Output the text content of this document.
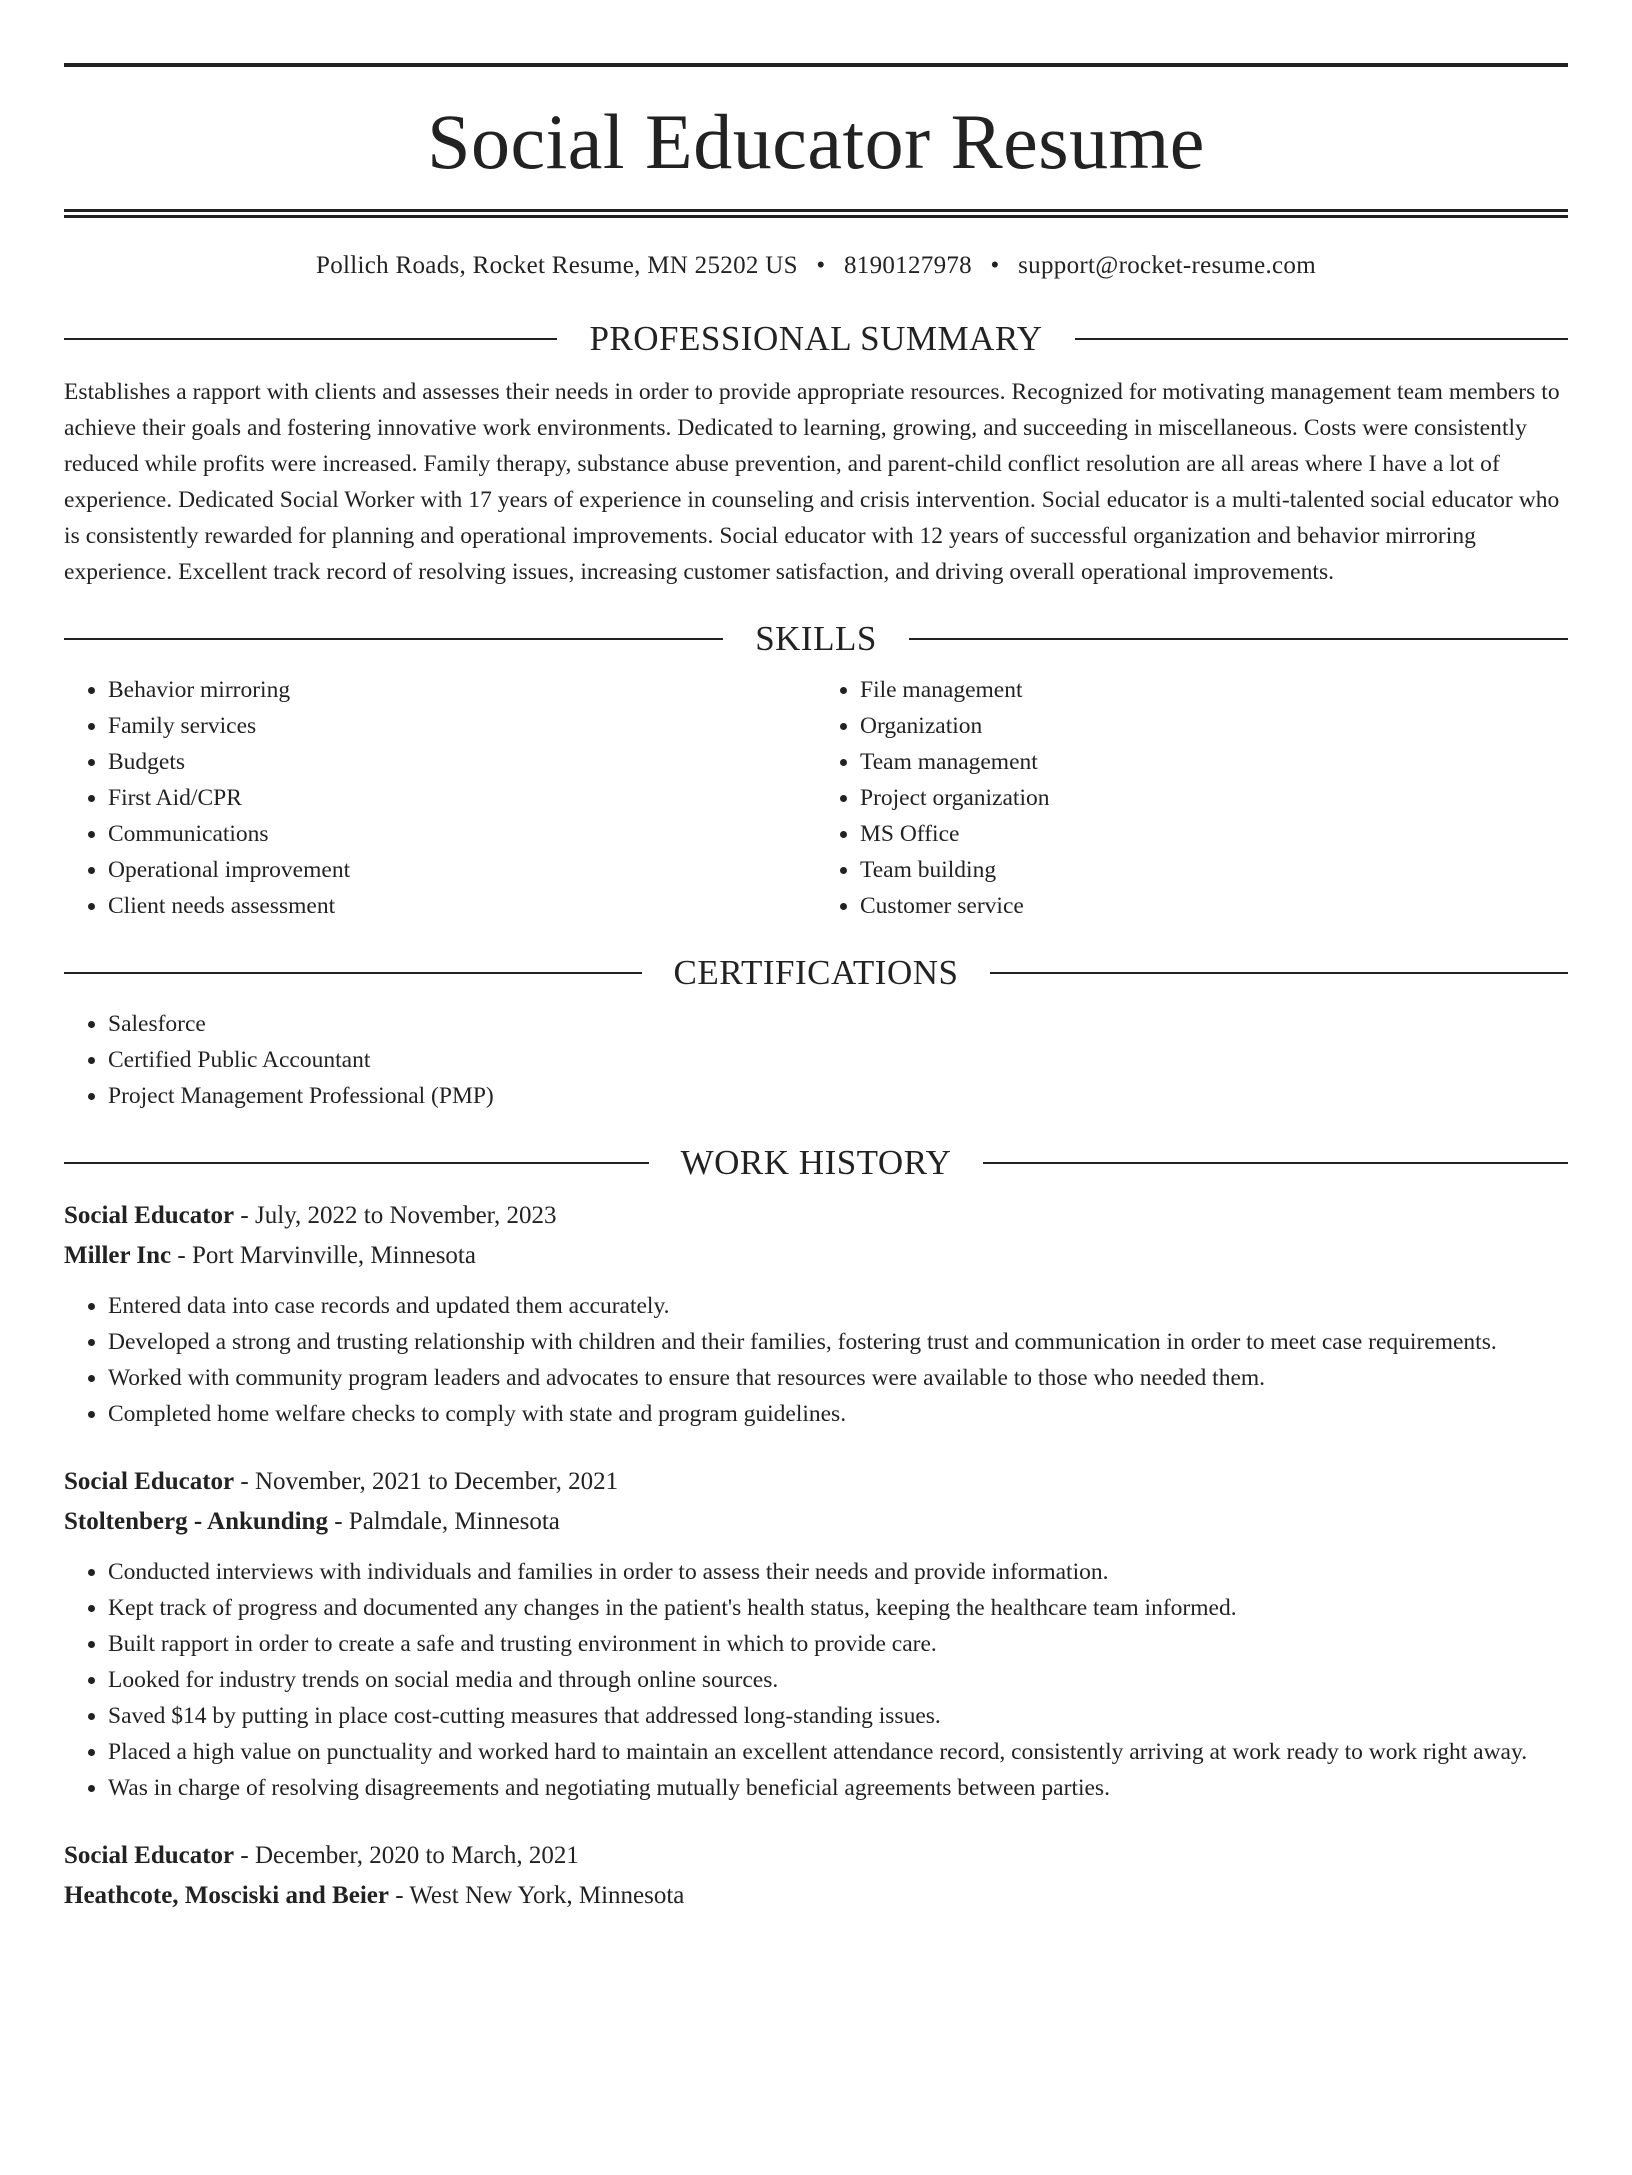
Social Educator Resume
Pollich Roads, Rocket Resume, MN 25202 US • 8190127978 • support@rocket-resume.com
PROFESSIONAL SUMMARY

Establishes a rapport with clients and assesses their needs in order to provide appropriate resources. Recognized for motivating management team members to achieve their goals and fostering innovative work environments. Dedicated to learning, growing, and succeeding in miscellaneous. Costs were consistently reduced while profits were increased. Family therapy, substance abuse prevention, and parent-child conflict resolution are all areas where I have a lot of experience. Dedicated Social Worker with 17 years of experience in counseling and crisis intervention. Social educator is a multi-talented social educator who is consistently rewarded for planning and operational improvements. Social educator with 12 years of successful organization and behavior mirroring experience. Excellent track record of resolving issues, increasing customer satisfaction, and driving overall operational improvements.

SKILLS
• Behavior mirroring
• Family services
• Budgets
• First Aid/CPR
• Communications
• Operational improvement
• Client needs assessment
• File management
• Organization
• Team management
• Project organization
• MS Office
• Team building
• Customer service
CERTIFICATIONS
• Salesforce
• Certified Public Accountant
• Project Management Professional (PMP)
WORK HISTORY
Social Educator - July, 2022 to November, 2023
Miller Inc - Port Marvinville, Minnesota
• Entered data into case records and updated them accurately.
• Developed a strong and trusting relationship with children and their families, fostering trust and communication in order to meet case requirements.
• Worked with community program leaders and advocates to ensure that resources were available to those who needed them.
• Completed home welfare checks to comply with state and program guidelines.
Social Educator - November, 2021 to December, 2021
Stoltenberg - Ankunding - Palmdale, Minnesota
• Conducted interviews with individuals and families in order to assess their needs and provide information.
• Kept track of progress and documented any changes in the patient's health status, keeping the healthcare team informed.
• Built rapport in order to create a safe and trusting environment in which to provide care.
• Looked for industry trends on social media and through online sources.
• Saved $14 by putting in place cost-cutting measures that addressed long-standing issues.
• Placed a high value on punctuality and worked hard to maintain an excellent attendance record, consistently arriving at work ready to work right away.
• Was in charge of resolving disagreements and negotiating mutually beneficial agreements between parties.
Social Educator - December, 2020 to March, 2021
Heathcote, Mosciski and Beier - West New York, Minnesota
